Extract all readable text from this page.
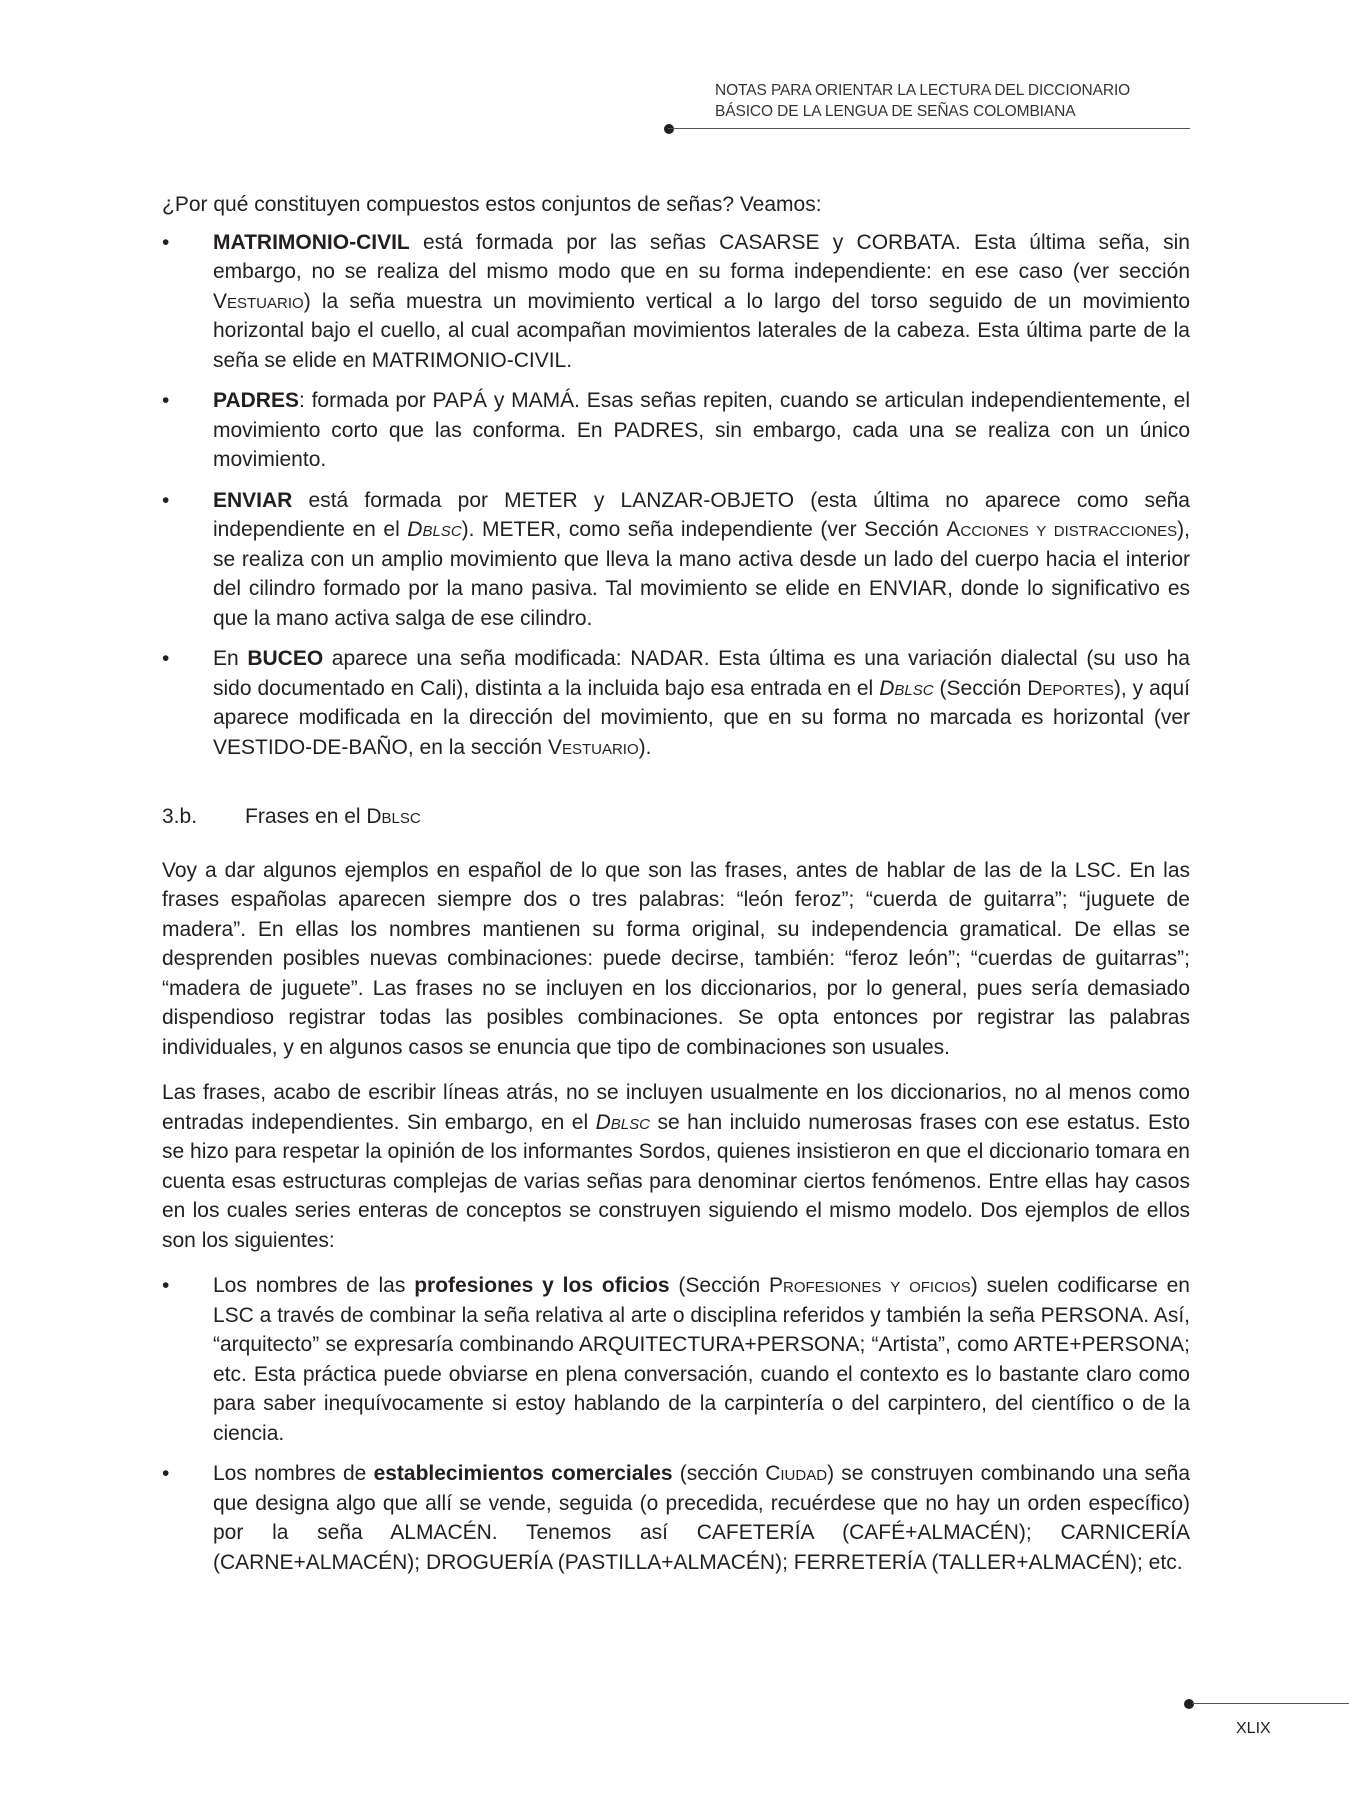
NOTAS PARA ORIENTAR LA LECTURA DEL DICCIONARIO
BÁSICO DE LA LENGUA DE SEÑAS COLOMBIANA

¿Por qué constituyen compuestos estos conjuntos de señas? Veamos:

•	MATRIMONIO-CIVIL está formada por las señas CASARSE y CORBATA. Esta última seña, sin embargo, no se realiza del mismo modo que en su forma independiente: en ese caso (ver sección Vestuario) la seña muestra un movimiento vertical a lo largo del torso seguido de un movimiento horizontal bajo el cuello, al cual acompañan movimientos laterales de la cabeza. Esta última parte de la seña se elide en MATRIMONIO-CIVIL.
•	PADRES: formada por PAPÁ y MAMÁ. Esas señas repiten, cuando se articulan independientemente, el movimiento corto que las conforma. En PADRES, sin embargo, cada una se realiza con un único movimiento.
•	ENVIAR está formada por METER y LANZAR-OBJETO (esta última no aparece como seña independiente en el Dblsc). METER, como seña independiente (ver Sección Acciones y distracciones), se realiza con un amplio movimiento que lleva la mano activa desde un lado del cuerpo hacia el interior del cilindro formado por la mano pasiva. Tal movimiento se elide en ENVIAR, donde lo significativo es que la mano activa salga de ese cilindro.
•	En BUCEO aparece una seña modificada: NADAR. Esta última es una variación dialectal (su uso ha sido documentado en Cali), distinta a la incluida bajo esa entrada en el Dblsc (Sección Deportes), y aquí aparece modificada en la dirección del movimiento, que en su forma no marcada es horizontal (ver VESTIDO-DE-BAÑO, en la sección Vestuario).
3.b.	Frases en el Dblsc

Voy a dar algunos ejemplos en español de lo que son las frases, antes de hablar de las de la LSC. En las frases españolas aparecen siempre dos o tres palabras: “león feroz”; “cuerda de guitarra”; “juguete de madera”. En ellas los nombres mantienen su forma original, su independencia gramatical. De ellas se desprenden posibles nuevas combinaciones: puede decirse, también: “feroz león”; “cuerdas de guitarras”; “madera de juguete”. Las frases no se incluyen en los diccionarios, por lo general, pues sería demasiado dispendioso registrar todas las posibles combinaciones. Se opta entonces por registrar las palabras individuales, y en algunos casos se enuncia que tipo de combinaciones son usuales.

Las frases, acabo de escribir líneas atrás, no se incluyen usualmente en los diccionarios, no al menos como entradas independientes. Sin embargo, en el Dblsc se han incluido numerosas frases con ese estatus. Esto se hizo para respetar la opinión de los informantes Sordos, quienes insistieron en que el diccionario tomara en cuenta esas estructuras complejas de varias señas para denominar ciertos fenómenos. Entre ellas hay casos en los cuales series enteras de conceptos se construyen siguiendo el mismo modelo. Dos ejemplos de ellos son los siguientes:

•	Los nombres de las profesiones y los oficios (Sección Profesiones y oficios) suelen codificarse en LSC a través de combinar la seña relativa al arte o disciplina referidos y también la seña PERSONA. Así, “arquitecto” se expresaría combinando ARQUITECTURA+PERSONA; “Artista”, como ARTE+PERSONA; etc. Esta práctica puede obviarse en plena conversación, cuando el contexto es lo bastante claro como para saber inequívocamente si estoy hablando de la carpintería o del carpintero, del científico o de la ciencia.
•	Los nombres de establecimientos comerciales (sección Ciudad) se construyen combinando una seña que designa algo que allí se vende, seguida (o precedida, recuérdese que no hay un orden específico) por la seña ALMACÉN. Tenemos así CAFETERÍA (CAFÉ+ALMACÉN); CARNICERÍA (CARNE+ALMACÉN); DROGUERÍA (PASTILLA+ALMACÉN); FERRETERÍA (TALLER+ALMACÉN); etc.
XLIX
